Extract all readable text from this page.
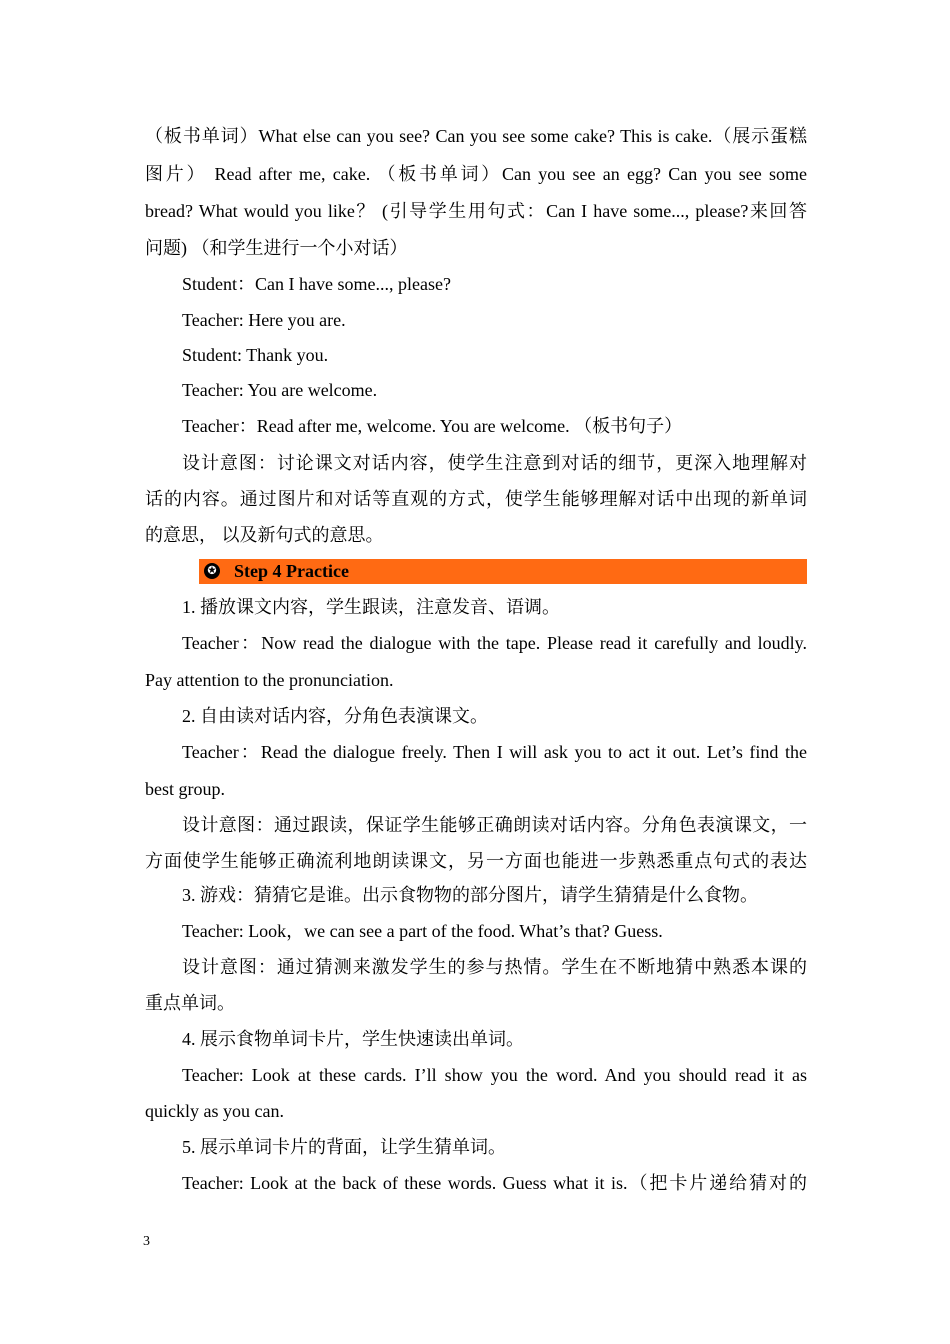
（板书单词）What else can you see? Can you see some cake? This is cake.（展示蛋糕
图片） Read after me, cake. （板书单词）Can you see an egg? Can you see some
bread? What would you like？ (引导学生用句式：Can I have some..., please?来回答
问题) （和学生进行一个小对话）
Student：Can I have some..., please?
Teacher: Here you are.
Student: Thank you.
Teacher: You are welcome.
Teacher：Read after me, welcome. You are welcome. （板书句子）
设计意图：讨论课文对话内容，使学生注意到对话的细节，更深入地理解对
话的内容。通过图片和对话等直观的方式，使学生能够理解对话中出现的新单词
的意思， 以及新句式的意思。
✪ Step 4 Practice
1. 播放课文内容，学生跟读，注意发音、语调。
Teacher：Now read the dialogue with the tape. Please read it carefully and loudly.
Pay attention to the pronunciation.
2. 自由读对话内容，分角色表演课文。
Teacher：Read the dialogue freely. Then I will ask you to act it out. Let’s find the
best group.
设计意图：通过跟读，保证学生能够正确朗读对话内容。分角色表演课文，一
方面使学生能够正确流利地朗读课文，另一方面也能进一步熟悉重点句式的表达
3. 游戏：猜猜它是谁。出示食物物的部分图片，请学生猜猜是什么食物。
Teacher: Look，we can see a part of the food. What’s that? Guess.
设计意图：通过猜测来激发学生的参与热情。学生在不断地猜中熟悉本课的
重点单词。
4. 展示食物单词卡片，学生快速读出单词。
Teacher: Look at these cards. I’ll show you the word. And you should read it as
quickly as you can.
5. 展示单词卡片的背面，让学生猜单词。
Teacher: Look at the back of these words. Guess what it is.（把卡片递给猜对的
3
